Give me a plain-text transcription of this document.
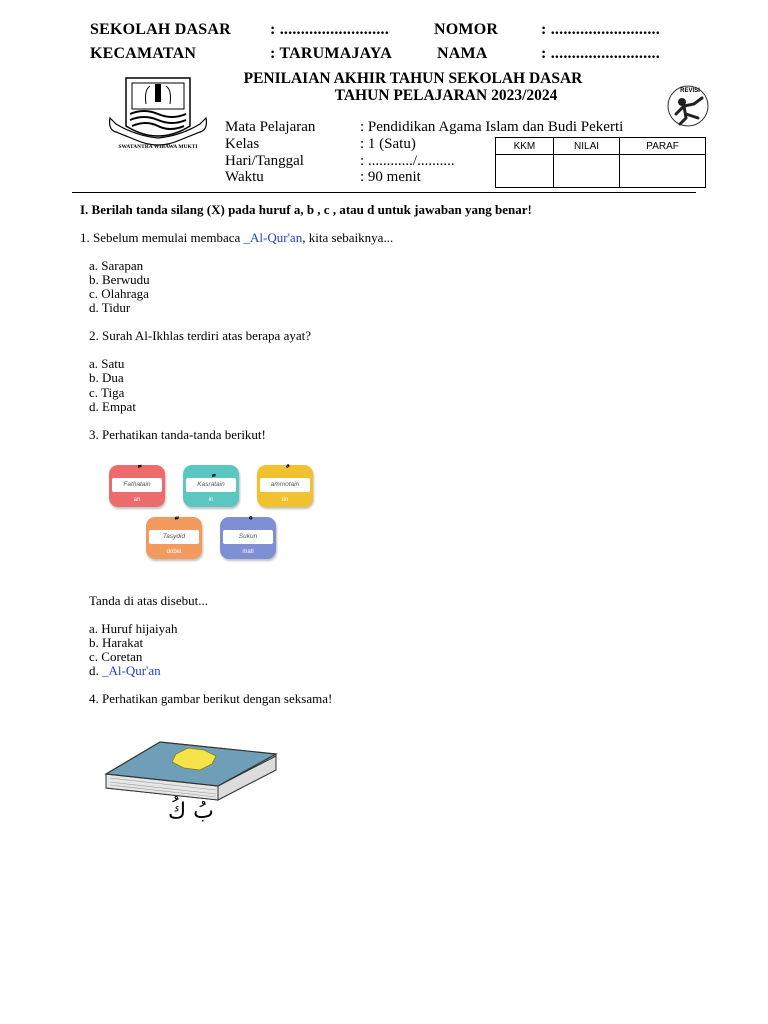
SEKOLAH DASAR : ..........................	NOMOR	: ..........................
KECAMATAN	: TARUMAJAYA	NAMA	: ..........................
SWATANTRA WIBAWA MUKTI
REVISI
PENILAIAN AKHIR TAHUN SEKOLAH DASAR
TAHUN PELAJARAN 2023/2024
Mata Pelajaran	: Pendidikan Agama Islam dan Budi Pekerti
Kelas	: 1 (Satu)
Hari/Tanggal	: ............/..........
Waktu	: 90 menit
KKM	NILAI	PARAF

I. Berilah tanda silang (X) pada huruf a, b , c , atau d untuk jawaban yang benar!
1. Sebelum memulai membaca _Al-Qur'an, kita sebaiknya...
a. Sarapan
b. Berwudu
c. Olahraga
d. Tidur
2. Surah Al-Ikhlas terdiri atas berapa ayat?
a. Satu
b. Dua
c. Tiga
d. Empat
3. Perhatikan tanda-tanda berikut!
Fatḥatain
an
Kasratain
in
ammotain
un
Tasydid
dobel
Sukun
mati
Tanda di atas disebut...
a. Huruf hijaiyah
b. Harakat
c. Coretan
d. _Al-Qur'an
4. Perhatikan gambar berikut dengan seksama!
بُ كُ
